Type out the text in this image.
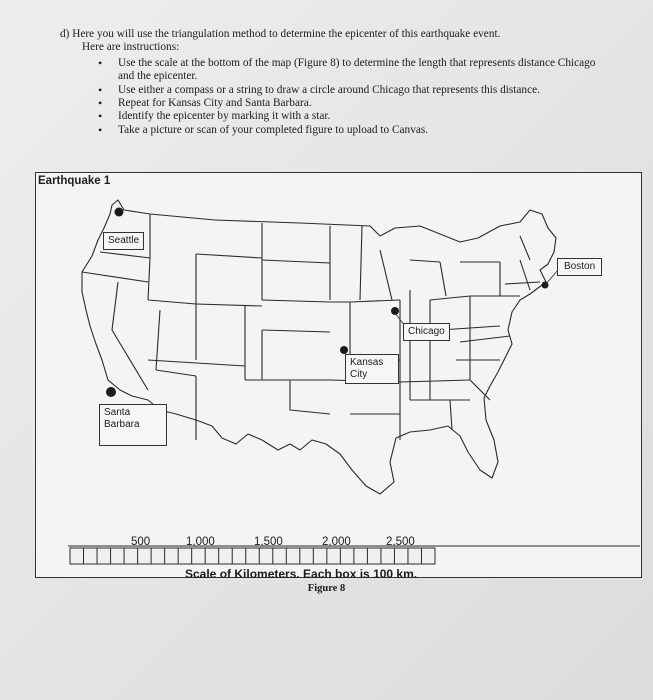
d) Here you will use the triangulation method to determine the epicenter of this earthquake event.
Here are instructions:
• Use the scale at the bottom of the map (Figure 8) to determine the length that represents distance Chicago and the epicenter.
• Use either a compass or a string to draw a circle around Chicago that represents this distance.
• Repeat for Kansas City and Santa Barbara.
• Identify the epicenter by marking it with a star.
• Take a picture or scan of your completed figure to upload to Canvas.
Earthquake 1
Seattle
Boston
Chicago
Kansas City
Santa Barbara
500	1,000	1,500	2,000	2,500
Scale of Kilometers. Each box is 100 km.
Figure 8
